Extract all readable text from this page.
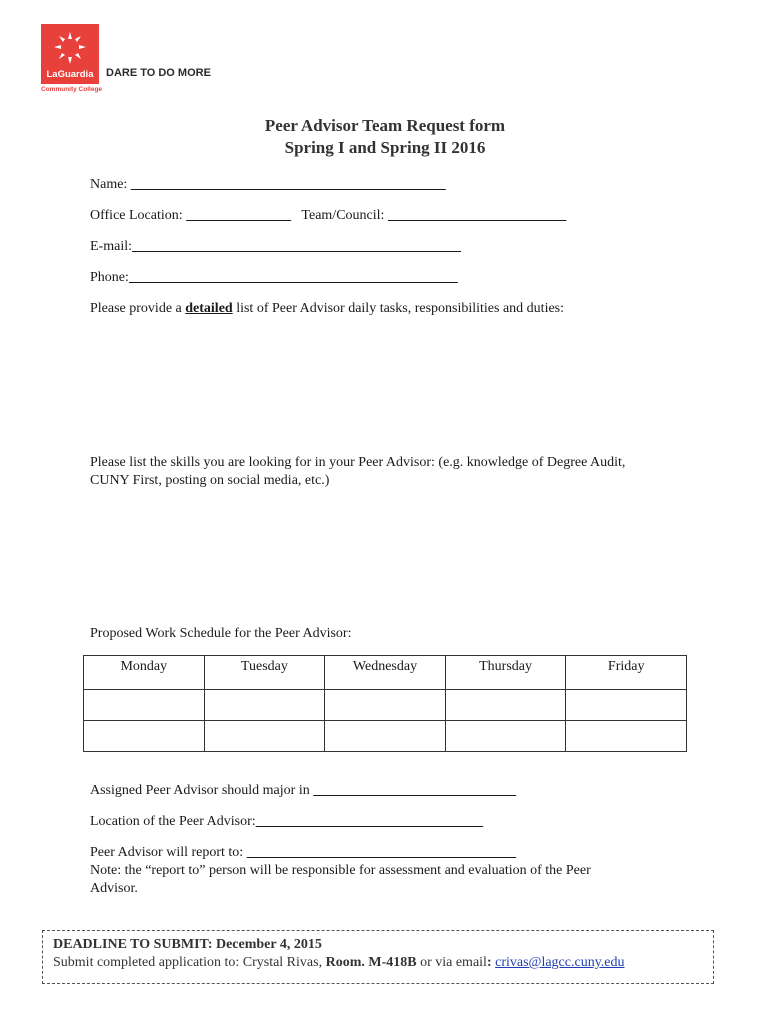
LaGuardia	DARE TO DO MORE
Community College
Peer Advisor Team Request form
Spring I and Spring II 2016
Name:
Office Location:	Team/Council:
E-mail:
Phone:
Please provide a detailed list of Peer Advisor daily tasks, responsibilities and duties:
Please list the skills you are looking for in your Peer Advisor: (e.g. knowledge of Degree Audit,
CUNY First, posting on social media, etc.)
Proposed Work Schedule for the Peer Advisor:
Monday	Tuesday	Wednesday	Thursday	Friday

Assigned Peer Advisor should major in
Location of the Peer Advisor:
Peer Advisor will report to:
Note: the “report to” person will be responsible for assessment and evaluation of the Peer
Advisor.
DEADLINE TO SUBMIT: December 4, 2015
Submit completed application to: Crystal Rivas, Room. M-418B or via email: crivas@lagcc.cuny.edu
